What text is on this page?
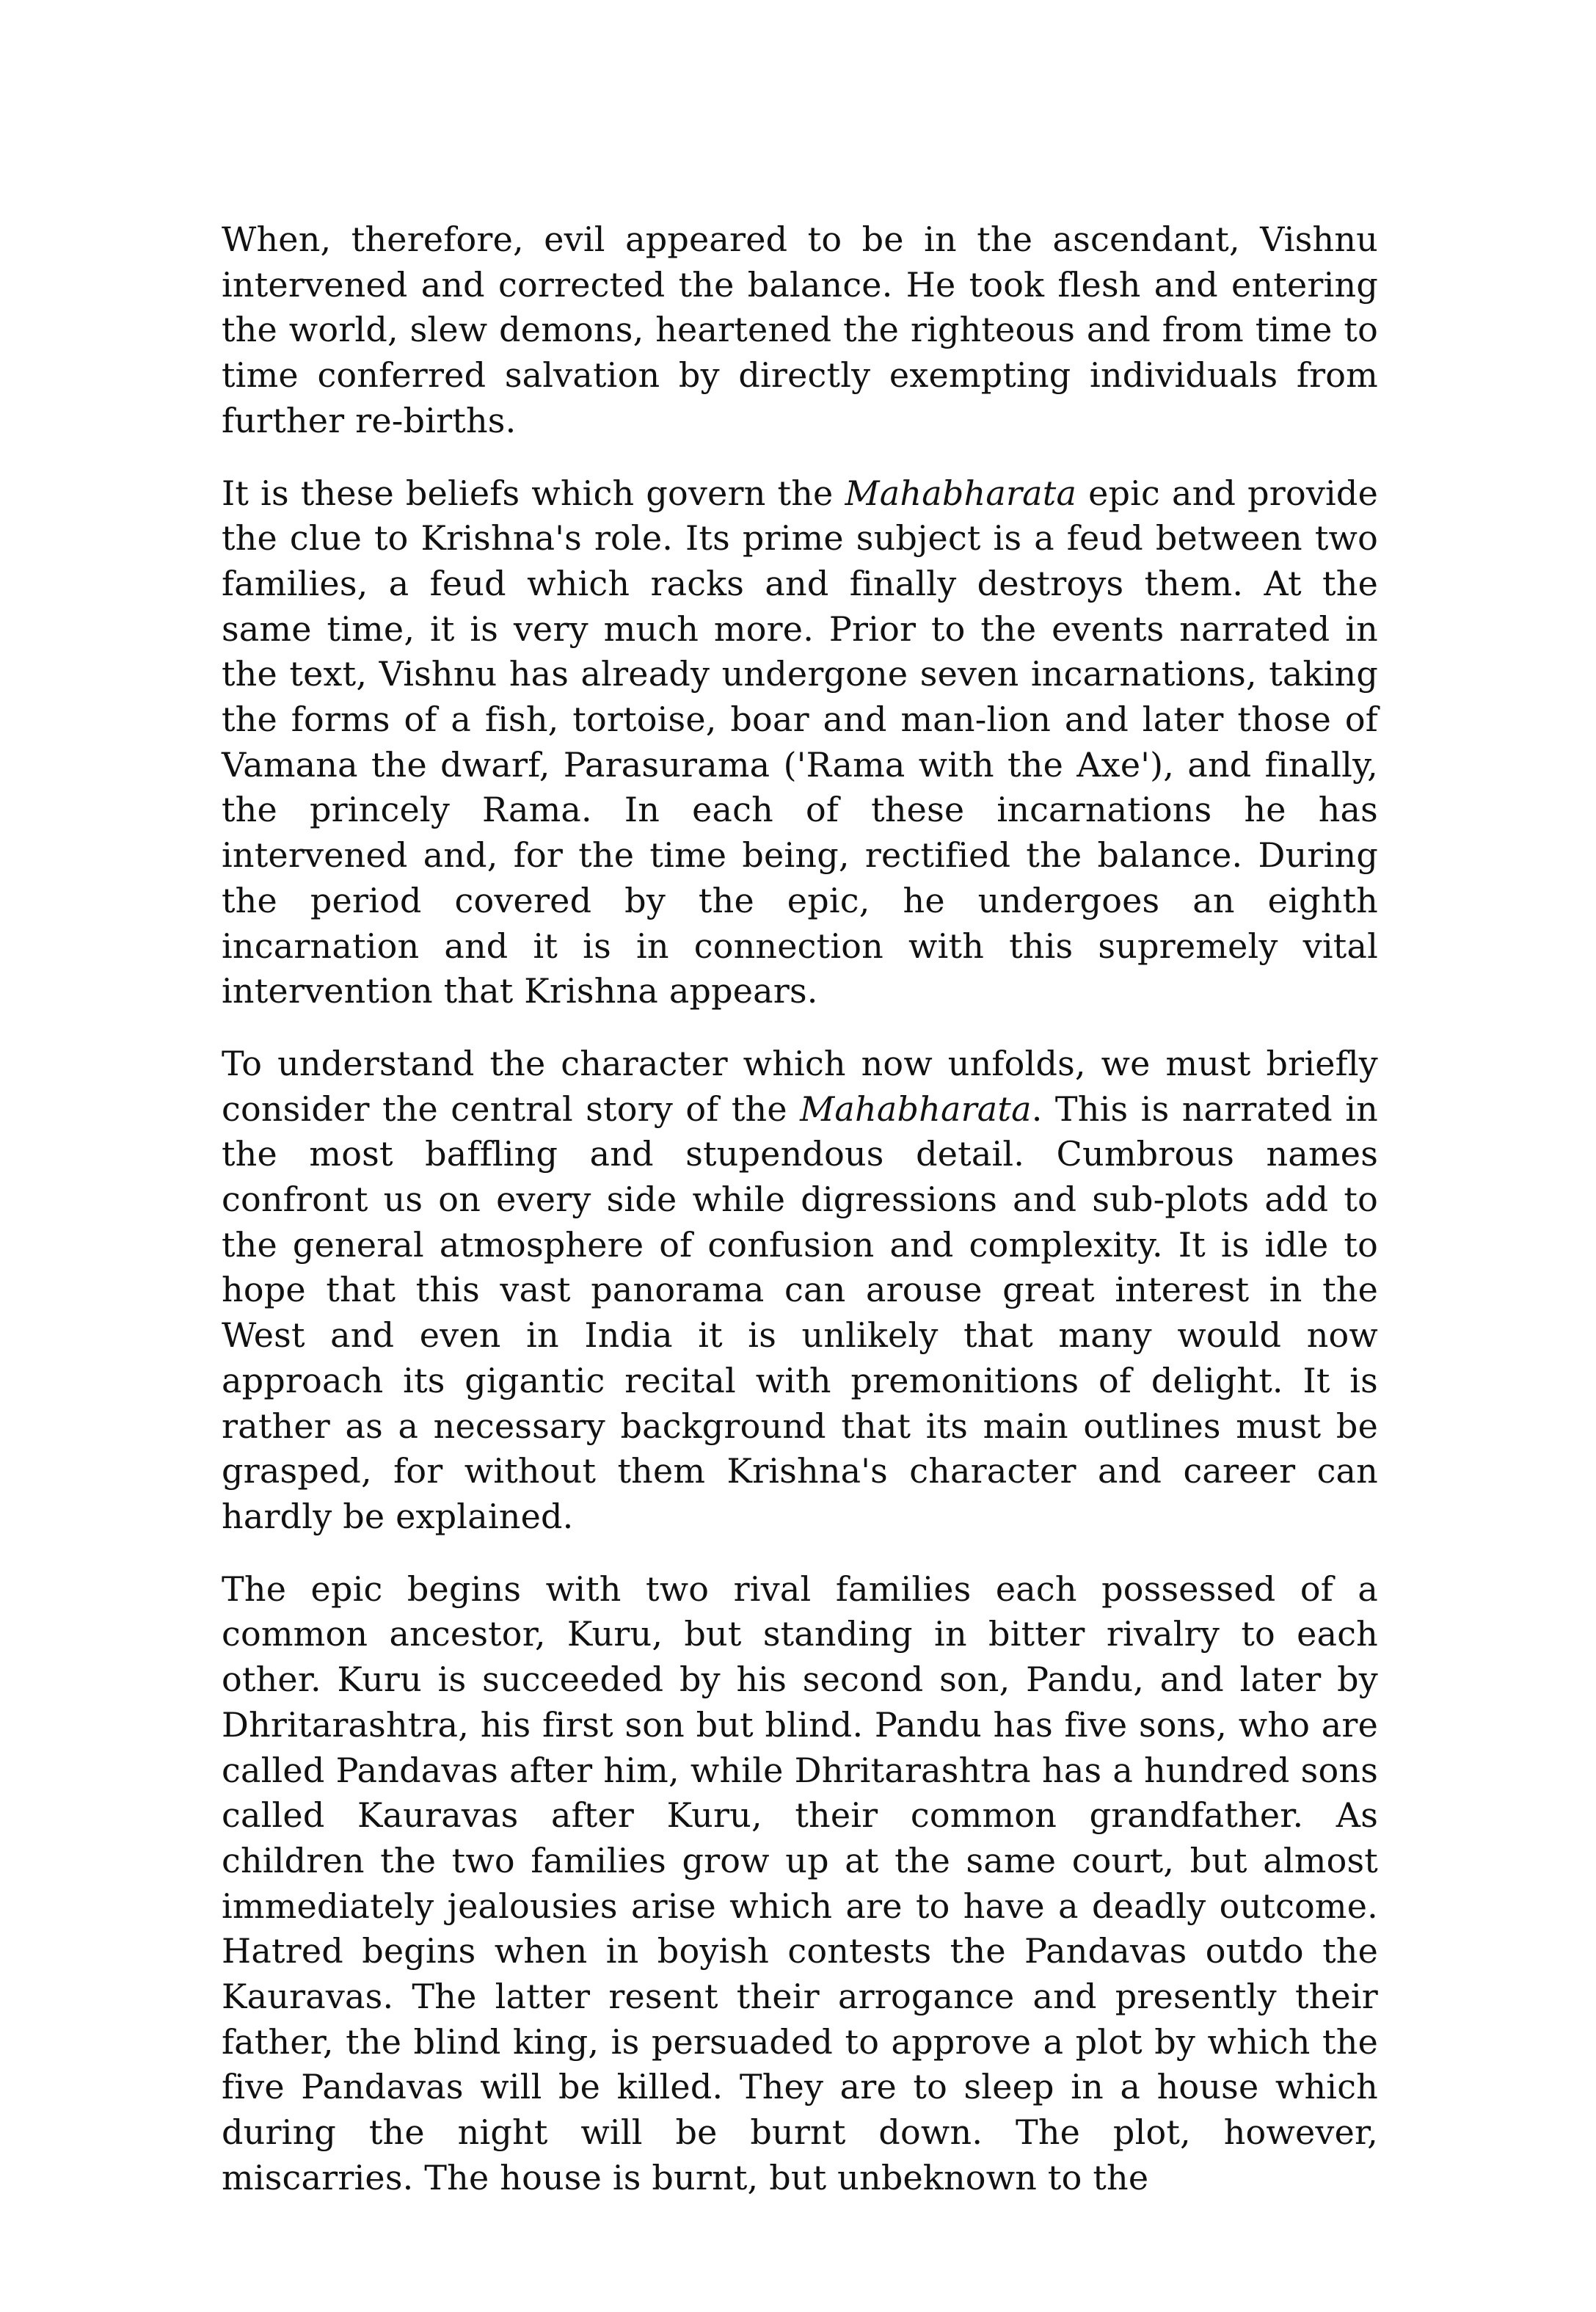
When, therefore, evil appeared to be in the ascendant, Vishnu intervened and corrected the balance. He took flesh and entering the world, slew demons, heartened the righteous and from time to time conferred salvation by directly exempting individuals from further re-births.

It is these beliefs which govern the Mahabharata epic and provide the clue to Krishna's role. Its prime subject is a feud between two families, a feud which racks and finally destroys them. At the same time, it is very much more. Prior to the events narrated in the text, Vishnu has already undergone seven incarnations, taking the forms of a fish, tortoise, boar and man-lion and later those of Vamana the dwarf, Parasurama ('Rama with the Axe'), and finally, the princely Rama. In each of these incarnations he has intervened and, for the time being, rectified the balance. During the period covered by the epic, he undergoes an eighth incarnation and it is in connection with this supremely vital intervention that Krishna appears.

To understand the character which now unfolds, we must briefly consider the central story of the Mahabharata. This is narrated in the most baffling and stupendous detail. Cumbrous names confront us on every side while digressions and sub-plots add to the general atmosphere of confusion and complexity. It is idle to hope that this vast panorama can arouse great interest in the West and even in India it is unlikely that many would now approach its gigantic recital with premonitions of delight. It is rather as a necessary background that its main outlines must be grasped, for without them Krishna's character and career can hardly be explained.

The epic begins with two rival families each possessed of a common ancestor, Kuru, but standing in bitter rivalry to each other. Kuru is succeeded by his second son, Pandu, and later by Dhritarashtra, his first son but blind. Pandu has five sons, who are called Pandavas after him, while Dhritarashtra has a hundred sons called Kauravas after Kuru, their common grandfather. As children the two families grow up at the same court, but almost immediately jealousies arise which are to have a deadly outcome. Hatred begins when in boyish contests the Pandavas outdo the Kauravas. The latter resent their arrogance and presently their father, the blind king, is persuaded to approve a plot by which the five Pandavas will be killed. They are to sleep in a house which during the night will be burnt down. The plot, however, miscarries. The house is burnt, but unbeknown to the
